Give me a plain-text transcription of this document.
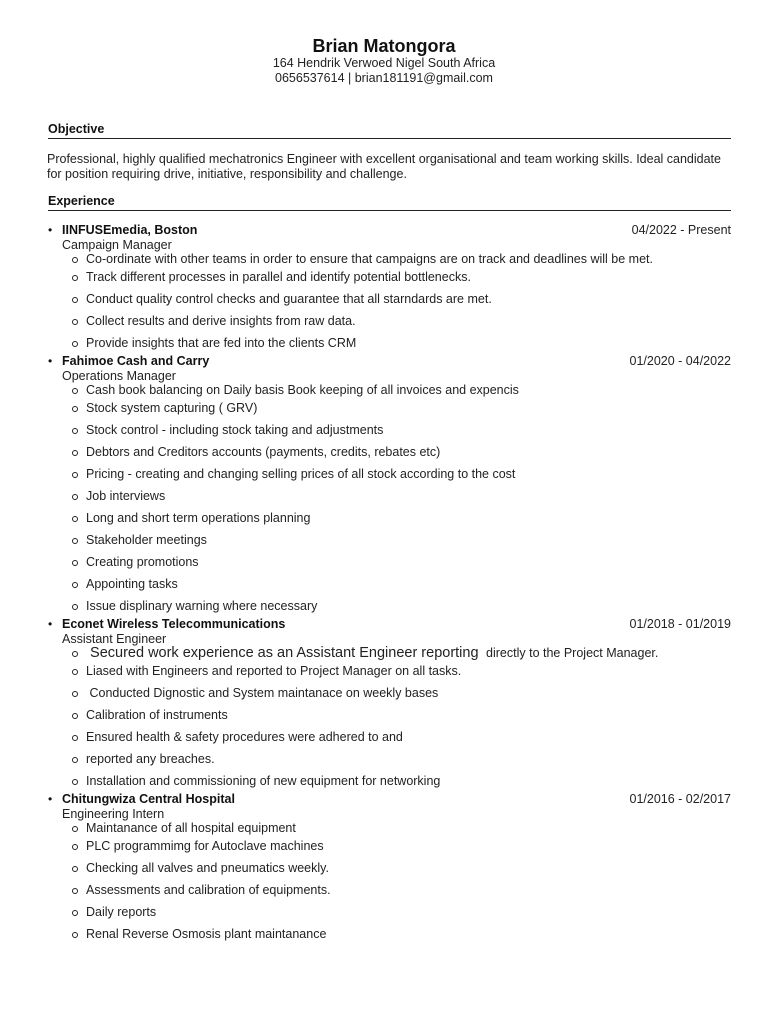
Brian Matongora
164 Hendrik Verwoed Nigel South Africa
0656537614 | brian181191@gmail.com
Objective
Professional, highly qualified mechatronics Engineer with excellent organisational and team working skills. Ideal candidate for position requiring drive, initiative, responsibility and challenge.
Experience
• IINFUSEmedia, Boston	04/2022 - Present
Campaign Manager
Co-ordinate with other teams in order to ensure that campaigns are on track and deadlines will be met.
Track different processes in parallel and identify potential bottlenecks.
Conduct quality control checks and guarantee that all starndards are met.
Collect results and derive insights from raw data.
Provide insights that are fed into the clients CRM
• Fahimoe Cash and Carry	01/2020 - 04/2022
Operations Manager
Cash book balancing on Daily basis Book keeping of all invoices and expencis
Stock system capturing ( GRV)
Stock control - including stock taking and adjustments
Debtors and Creditors accounts (payments, credits, rebates etc)
Pricing - creating and changing selling prices of all stock according to the cost
Job interviews
Long and short term operations planning
Stakeholder meetings
Creating promotions
Appointing tasks
Issue displinary warning where necessary
• Econet Wireless Telecommunications	01/2018 - 01/2019
Assistant Engineer
Secured work experience as an Assistant Engineer reporting  directly to the Project Manager.
Liased with Engineers and reported to Project Manager on all tasks.
Conducted Dignostic and System maintanace on weekly bases
Calibration of instruments
Ensured health & safety procedures were adhered to and
reported any breaches.
Installation and commissioning of new equipment for networking
• Chitungwiza Central Hospital	01/2016 - 02/2017
Engineering Intern
Maintanance of all hospital equipment
PLC programmimg for Autoclave machines
Checking all valves and pneumatics weekly.
Assessments and calibration of equipments.
Daily reports
Renal Reverse Osmosis plant maintanance
